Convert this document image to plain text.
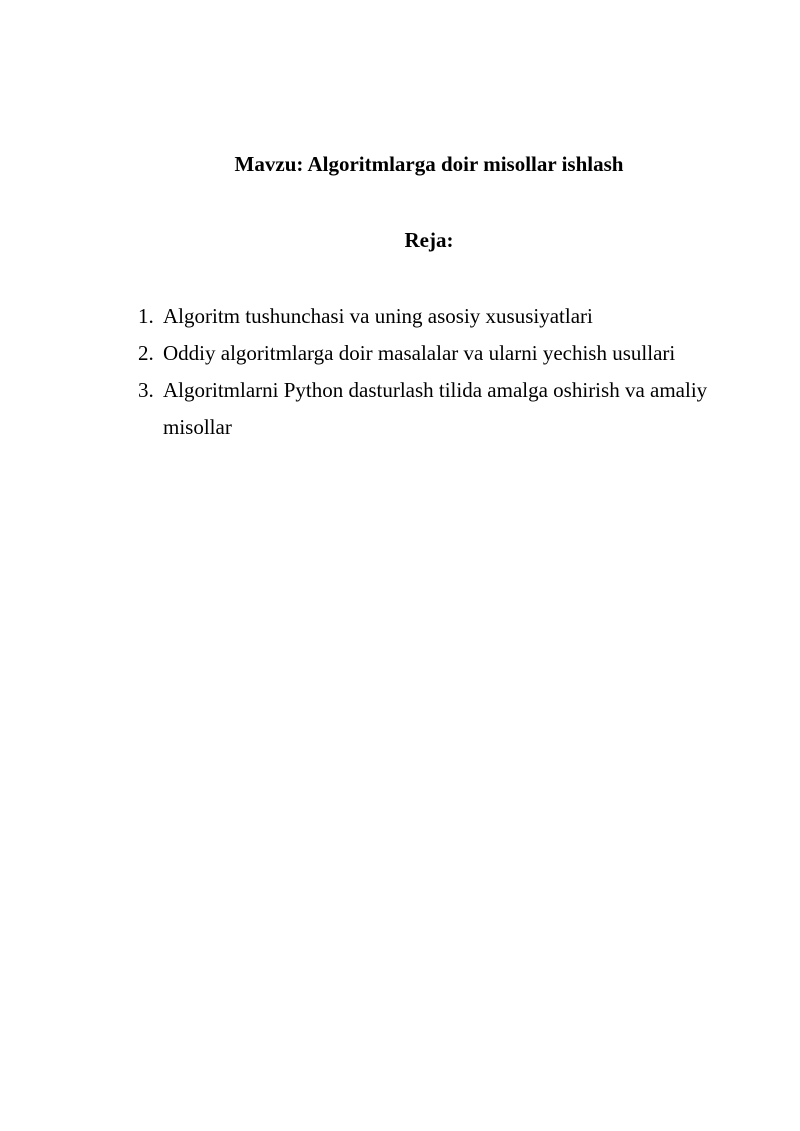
Mavzu: Algoritmlarga doir misollar ishlash
Reja:
1. Algoritm tushunchasi va uning asosiy xususiyatlari
2. Oddiy algoritmlarga doir masalalar va ularni yechish usullari
3. Algoritmlarni Python dasturlash tilida amalga oshirish va amaliy misollar
